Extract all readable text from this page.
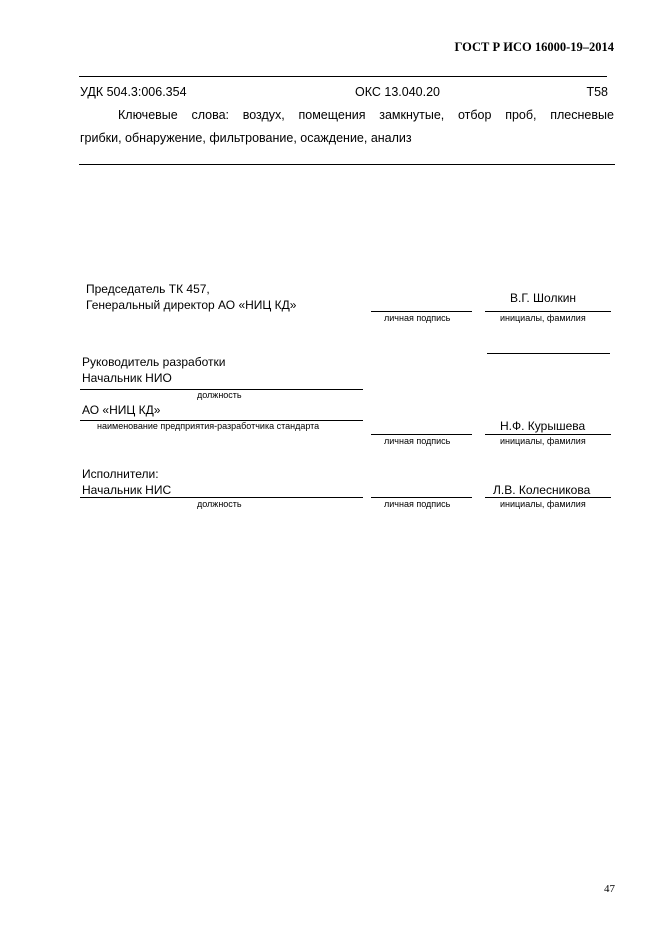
ГОСТ Р ИСО 16000-19–2014
УДК 504.3:006.354	ОКС 13.040.20	Т58
Ключевые слова: воздух, помещения замкнутые, отбор проб, плесневые
грибки, обнаружение, фильтрование, осаждение, анализ
Председатель ТК 457,
Генеральный директор АО «НИЦ КД»	В.Г. Шолкин
личная подпись	инициалы, фамилия
Руководитель разработки
Начальник НИО
должность
АО «НИЦ КД»
наименование предприятия-разработчика стандарта	Н.Ф. Курышева
личная подпись	инициалы, фамилия
Исполнители:
Начальник НИС	Л.В. Колесникова
должность	личная подпись	инициалы, фамилия
47
